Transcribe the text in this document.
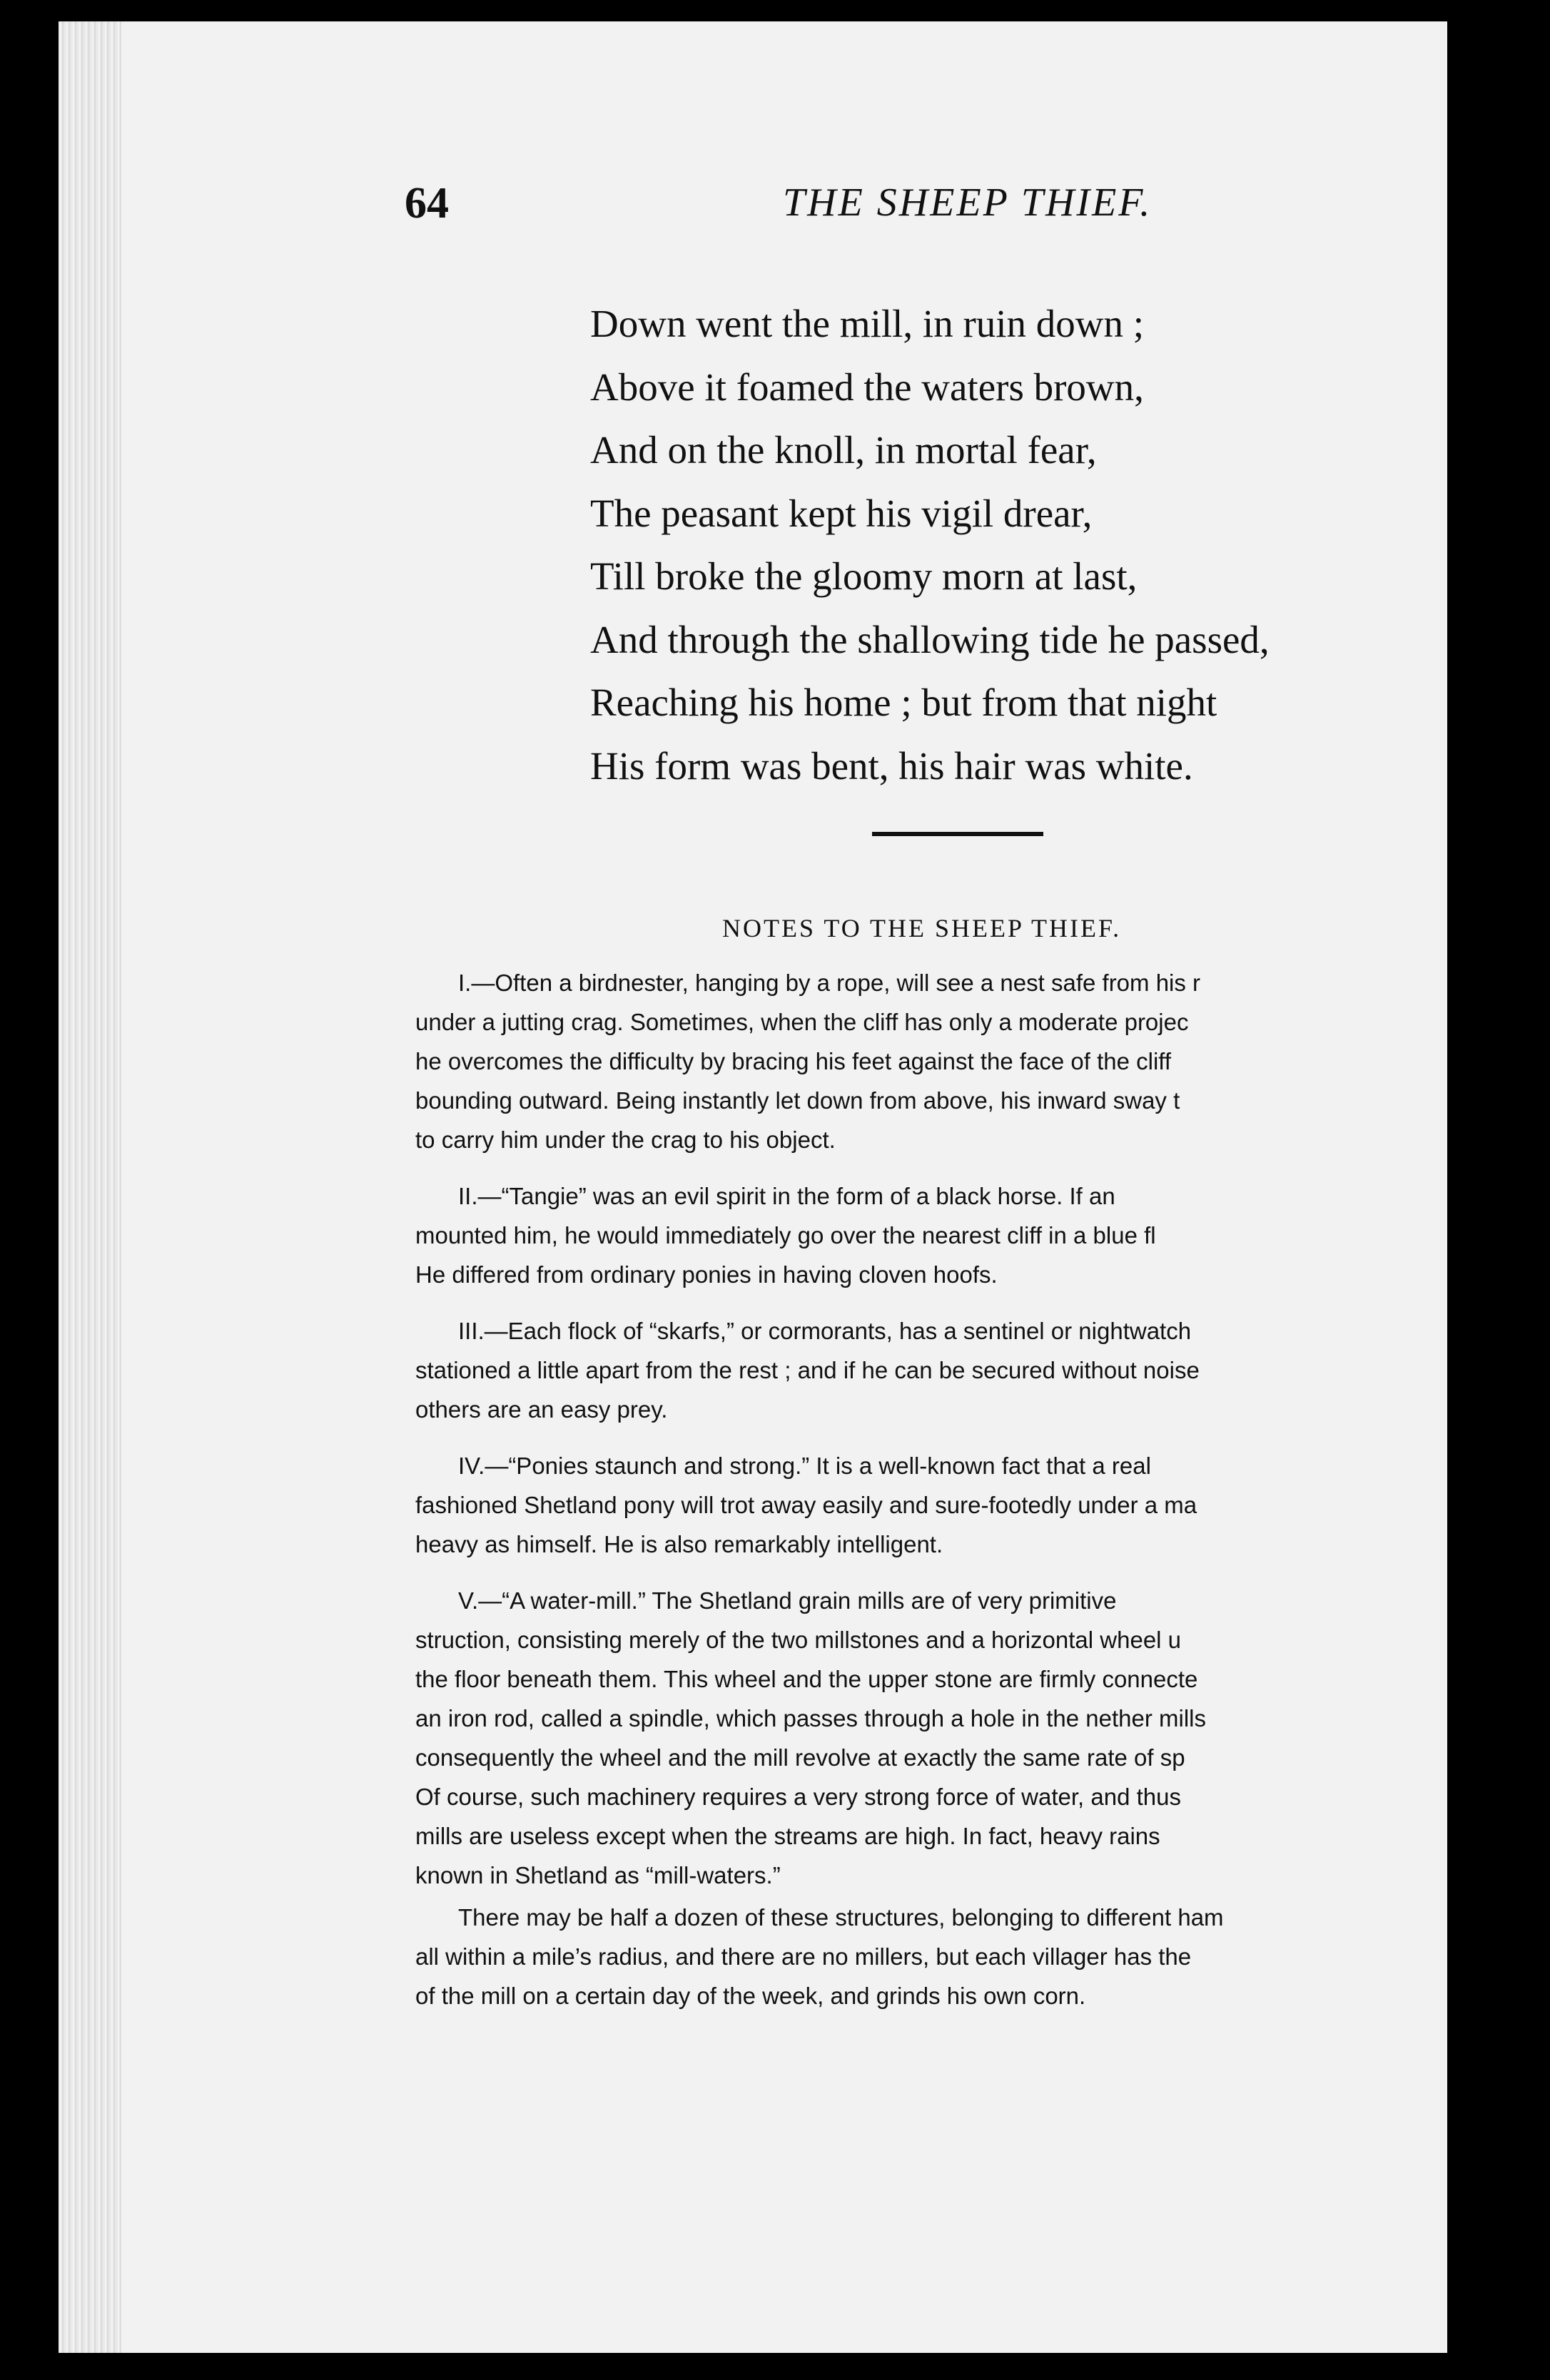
64	THE SHEEP THIEF.
Down went the mill, in ruin down ;
Above it foamed the waters brown,
And on the knoll, in mortal fear,
The peasant kept his vigil drear,
Till broke the gloomy morn at last,
And through the shallowing tide he passed,
Reaching his home ; but from that night
His form was bent, his hair was white.
NOTES TO THE SHEEP THIEF.
I.—Often a birdnester, hanging by a rope, will see a nest safe from his r
under a jutting crag. Sometimes, when the cliff has only a moderate projec
he overcomes the difficulty by bracing his feet against the face of the cliff
bounding outward. Being instantly let down from above, his inward sway t
to carry him under the crag to his object.
II.—“Tangie” was an evil spirit in the form of a black horse. If an
mounted him, he would immediately go over the nearest cliff in a blue fl
He differed from ordinary ponies in having cloven hoofs.
III.—Each flock of “skarfs,” or cormorants, has a sentinel or nightwatch
stationed a little apart from the rest ; and if he can be secured without noise
others are an easy prey.
IV.—“Ponies staunch and strong.” It is a well-known fact that a real
fashioned Shetland pony will trot away easily and sure-footedly under a ma
heavy as himself. He is also remarkably intelligent.
V.—“A water-mill.” The Shetland grain mills are of very primitive
struction, consisting merely of the two millstones and a horizontal wheel u
the floor beneath them. This wheel and the upper stone are firmly connecte
an iron rod, called a spindle, which passes through a hole in the nether mills
consequently the wheel and the mill revolve at exactly the same rate of sp
Of course, such machinery requires a very strong force of water, and thus
mills are useless except when the streams are high. In fact, heavy rains
known in Shetland as “mill-waters.”
There may be half a dozen of these structures, belonging to different ham
all within a mile’s radius, and there are no millers, but each villager has the
of the mill on a certain day of the week, and grinds his own corn.
